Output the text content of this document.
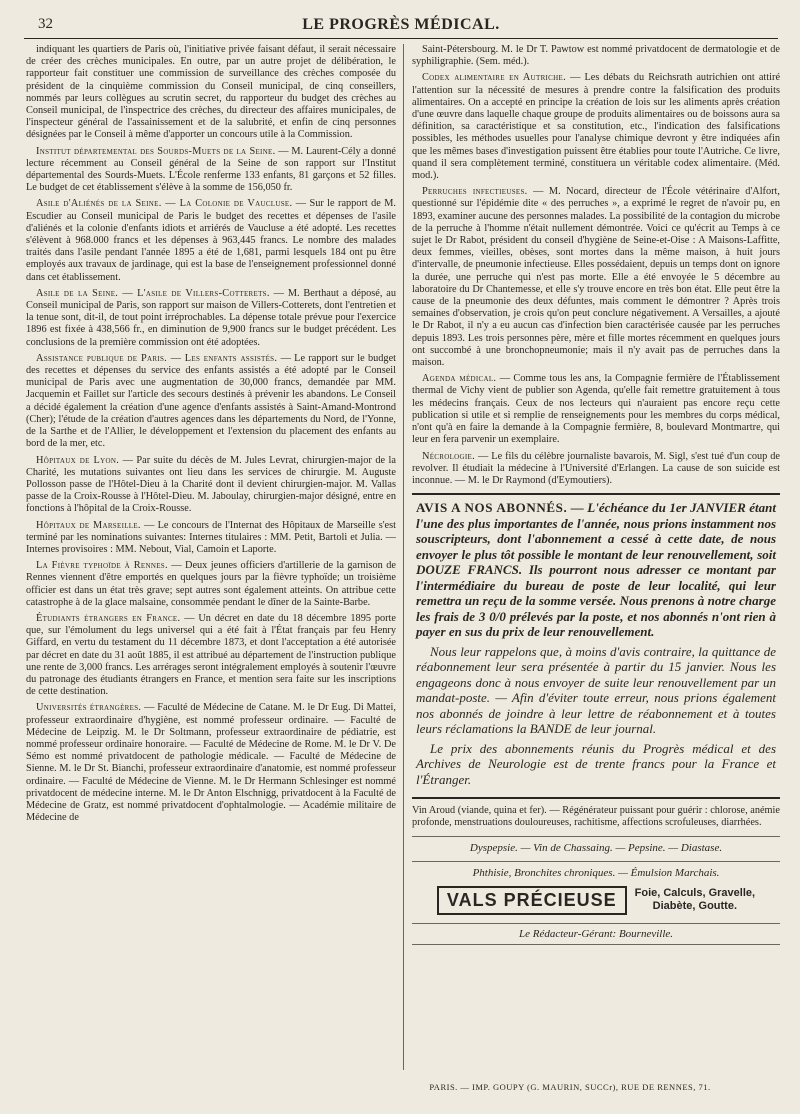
32	LE PROGRÈS MÉDICAL.

indiquant les quartiers de Paris où, l'initiative privée faisant défaut, il serait nécessaire de créer des crèches municipales. En outre, par un autre projet de délibération, le rapporteur fait constituer une commission de surveillance des crèches composée du président de la cinquième commission du Conseil municipal, de cinq conseillers, nommés par leurs collègues au scrutin secret, du rapporteur du budget des crèches au Conseil municipal, de l'inspectrice des crèches, du directeur des affaires municipales, de l'inspecteur général de l'assainissement et de la salubrité, et enfin de cinq personnes désignées par le Conseil à même d'apporter un concours utile à la Commission.

Institut départemental des Sourds-Muets de la Seine. — M. Laurent-Cély a donné lecture récemment au Conseil général de la Seine de son rapport sur l'Institut départemental des Sourds-Muets. L'École renferme 133 enfants, 81 garçons et 52 filles. Le budget de cet établissement s'élève à la somme de 156,050 fr.

Asile d'Aliénés de la Seine. — La Colonie de Vaucluse. — Sur le rapport de M. Escudier au Conseil municipal de Paris le budget des recettes et dépenses de l'asile d'aliénés et la colonie d'enfants idiots et arriérés de Vaucluse a été adopté. Les recettes s'élèvent à 968.000 francs et les dépenses à 963,445 francs. Le nombre des malades traités dans l'asile pendant l'année 1895 a été de 1,681, parmi lesquels 184 ont pu être employés aux travaux de jardinage, qui est la base de l'enseignement professionnel donné dans cet établissement.

Asile de la Seine. — L'asile de Villers-Cotterets. — M. Berthaut a déposé, au Conseil municipal de Paris, son rapport sur maison de Villers-Cotterets, dont l'entretien et la tenue sont, dit-il, de tout point irréprochables. La dépense totale prévue pour l'exercice 1896 est fixée à 438,566 fr., en diminution de 9,900 francs sur le budget précédent. Les conclusions de la première commission ont été adoptées.

Assistance publique de Paris. — Les enfants assistés. — Le rapport sur le budget des recettes et dépenses du service des enfants assistés a été adopté par le Conseil municipal de Paris avec une augmentation de 30,000 francs, demandée par MM. Jacquemin et Faillet sur l'article des secours destinés à prévenir les abandons. Le Conseil a décidé également la création d'une agence d'enfants assistés à Saint-Amand-Montrond (Cher); l'étude de la création d'autres agences dans les départements du Nord, de l'Yonne, de la Sarthe et de l'Allier, le développement et l'extension du placement des enfants au bord de la mer, etc.

Hôpitaux de Lyon. — Par suite du décès de M. Jules Levrat, chirurgien-major de la Charité, les mutations suivantes ont lieu dans les services de chirurgie. M. Auguste Pollosson passe de l'Hôtel-Dieu à la Charité dont il devient chirurgien-major. M. Vallas passe de la Croix-Rousse à l'Hôtel-Dieu. M. Jaboulay, chirurgien-major désigné, entre en fonctions à l'hôpital de la Croix-Rousse.

Hôpitaux de Marseille. — Le concours de l'Internat des Hôpitaux de Marseille s'est terminé par les nominations suivantes: Internes titulaires : MM. Petit, Bartoli et Julia. — Internes provisoires : MM. Nebout, Vial, Camoin et Laporte.

La Fièvre typhoïde à Rennes. — Deux jeunes officiers d'artillerie de la garnison de Rennes viennent d'être emportés en quelques jours par la fièvre typhoïde; un troisième officier est dans un état très grave; sept autres sont également atteints. On attribue cette catastrophe à de la glace malsaine, consommée pendant le dîner de la Sainte-Barbe.

Étudiants étrangers en France. — Un décret en date du 18 décembre 1895 porte que, sur l'émolument du legs universel qui a été fait à l'État français par feu Henry Giffard, en vertu du testament du 11 décembre 1873, et dont l'acceptation a été autorisée par décret en date du 31 août 1885, il est attribué au département de l'instruction publique une rente de 3,000 francs. Les arrérages seront intégralement employés à soutenir l'œuvre du patronage des étudiants étrangers en France, et mention sera faite sur les inscriptions de cette destination.

Universités étrangères. — Faculté de Médecine de Catane. M. le Dr Eug. Di Mattei, professeur extraordinaire d'hygiène, est nommé professeur ordinaire. — Faculté de Médecine de Leipzig. M. le Dr Soltmann, professeur extraordinaire de pédiatrie, est nommé professeur ordinaire honoraire. — Faculté de Médecine de Rome. M. le Dr V. De Sémo est nommé privatdocent de pathologie médicale. — Faculté de Médecine de Sienne. M. le Dr St. Bianchi, professeur extraordinaire d'anatomie, est nommé professeur ordinaire. — Faculté de Médecine de Vienne. M. le Dr Hermann Schlesinger est nommé privatdocent de médecine interne. M. le Dr Anton Elschnigg, privatdocent à la Faculté de Médecine de Gratz, est nommé privatdocent d'ophtalmologie. — Académie militaire de Médecine de

Saint-Pétersbourg. M. le Dr T. Pawtow est nommé privatdocent de dermatologie et de syphiligraphie. (Sem. méd.).

Codex alimentaire en Autriche. — Les débats du Reichsrath autrichien ont attiré l'attention sur la nécessité de mesures à prendre contre la falsification des produits alimentaires. On a accepté en principe la création de lois sur les aliments après création d'une œuvre dans laquelle chaque groupe de produits alimentaires ou de boissons aura sa définition, sa caractéristique et sa constitution, etc., l'indication des falsifications possibles, les méthodes usuelles pour l'analyse chimique devront y être indiquées afin que les mêmes bases d'investigation puissent être établies pour toute l'Autriche. Ce livre, quand il sera complètement terminé, constituera un véritable codex alimentaire. (Méd. mod.).

Perruches infectieuses. — M. Nocard, directeur de l'École vétérinaire d'Alfort, questionné sur l'épidémie dite « des perruches », a exprimé le regret de n'avoir pu, en 1893, examiner aucune des personnes malades. La possibilité de la contagion du microbe de la perruche à l'homme n'était nullement démontrée. Voici ce qu'écrit au Temps à ce sujet le Dr Rabot, président du conseil d'hygiène de Seine-et-Oise : A Maisons-Laffitte, deux femmes, vieilles, obèses, sont mortes dans la même maison, à huit jours d'intervalle, de pneumonie infectieuse. Elles possédaient, depuis un temps dont on ignore la durée, une perruche qui n'est pas morte. Elle a été envoyée le 5 décembre au laboratoire du Dr Chantemesse, et elle s'y trouve encore en très bon état. Elle peut être la cause de la pneumonie des deux défuntes, mais comment le démontrer ? Après trois semaines d'observation, je crois qu'on peut conclure négativement. A Versailles, a ajouté le Dr Rabot, il n'y a eu aucun cas d'infection bien caractérisée causée par les perruches depuis 1893. Les trois personnes père, mère et fille mortes récemment en quelques jours ont succombé à une bronchopneumonie; mais il n'y avait pas de perruches dans la maison.

Agenda médical. — Comme tous les ans, la Compagnie fermière de l'Établissement thermal de Vichy vient de publier son Agenda, qu'elle fait remettre gratuitement à tous les médecins français. Ceux de nos lecteurs qui n'auraient pas encore reçu cette publication si utile et si remplie de renseignements pour les membres du corps médical, n'ont qu'à en faire la demande à la Compagnie fermière, 8, boulevard Montmartre, qui leur en fera parvenir un exemplaire.

Nécrologie. — Le fils du célèbre journaliste bavarois, M. Sigl, s'est tué d'un coup de revolver. Il étudiait la médecine à l'Université d'Erlangen. La cause de son suicide est inconnue. — M. le Dr Raymond (d'Eymoutiers).

AVIS A NOS ABONNÉS. — L'échéance du 1er JANVIER étant l'une des plus importantes de l'année, nous prions instamment nos souscripteurs, dont l'abonnement a cessé à cette date, de nous envoyer le plus tôt possible le montant de leur renouvellement, soit DOUZE FRANCS. Ils pourront nous adresser ce montant par l'intermédiaire du bureau de poste de leur localité, qui leur remettra un reçu de la somme versée. Nous prenons à notre charge les frais de 3 0/0 prélevés par la poste, et nos abonnés n'ont rien à payer en sus du prix de leur renouvellement.

Nous leur rappelons que, à moins d'avis contraire, la quittance de réabonnement leur sera présentée à partir du 15 janvier. Nous les engageons donc à nous envoyer de suite leur renouvellement par un mandat-poste. — Afin d'éviter toute erreur, nous prions également nos abonnés de joindre à leur lettre de réabonnement et à toutes leurs réclamations la BANDE de leur journal.

Le prix des abonnements réunis du Progrès médical et des Archives de Neurologie est de trente francs pour la France et l'Étranger.

Vin Aroud (viande, quina et fer). — Régénérateur puissant pour guérir : chlorose, anémie profonde, menstruations douloureuses, rachitisme, affections scrofuleuses, diarrhées.

Dyspepsie. — Vin de Chassaing. — Pepsine. — Diastase.
Phthisie, Bronchites chroniques. — Émulsion Marchais.
VALS PRÉCIEUSE	Foie, Calculs, Gravelle,
Diabète, Goutte.
Le Rédacteur-Gérant: Bourneville.
PARIS. — IMP. GOUPY (G. MAURIN, SUCCr), RUE DE RENNES, 71.
